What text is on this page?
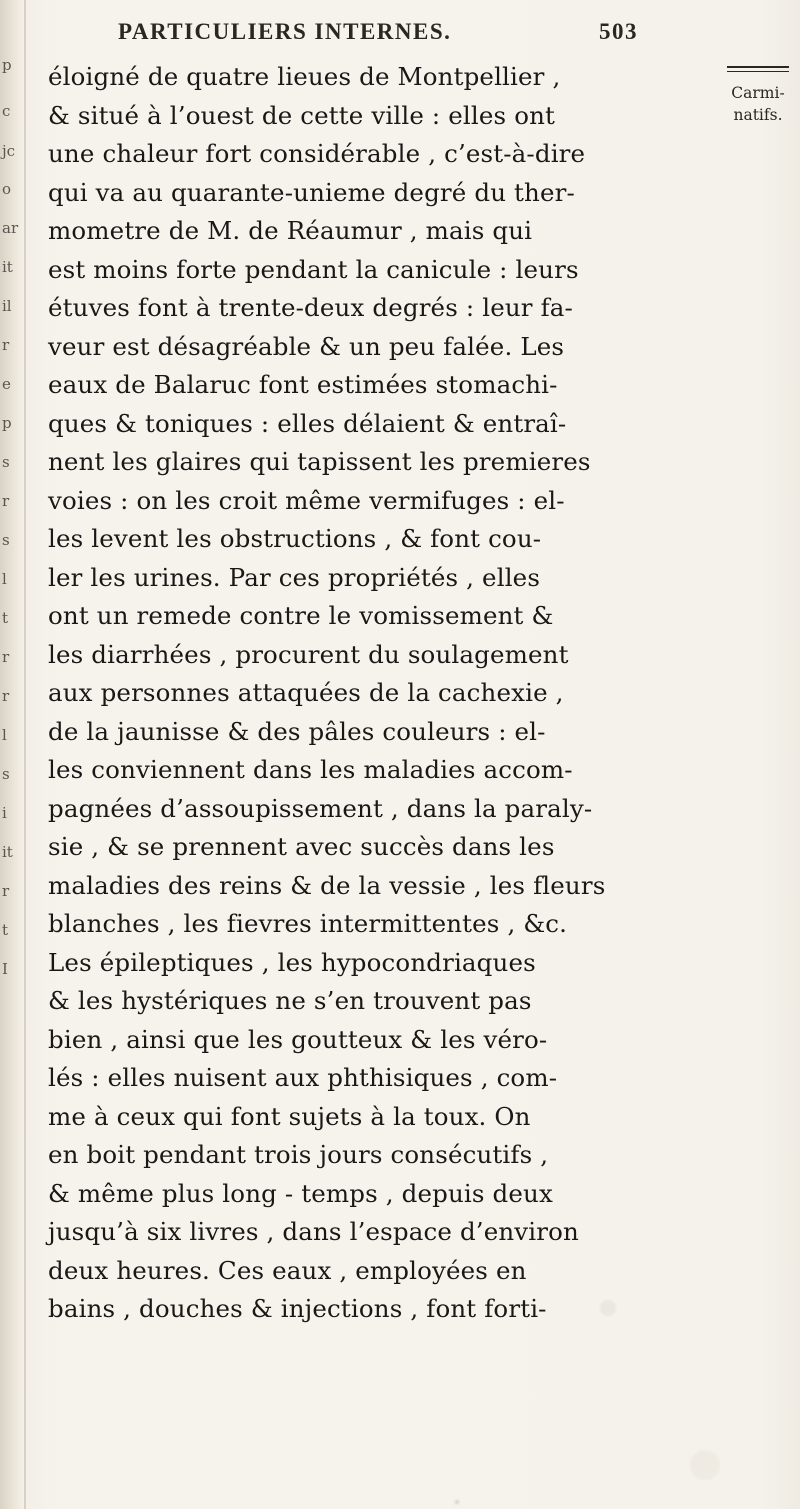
p
c
jc
o
ar
it
il
r
e
p
s
r
s
l
t
r
r
l
s
i
it
r
t
I
PARTICULIERS INTERNES.	503
éloigné de quatre lieues de Montpellier ,
& situé à l’ouest de cette ville : elles ont
une chaleur fort considérable , c’est-à-dire
qui va au quarante-unieme degré du ther-
mometre de M. de Réaumur , mais qui
est moins forte pendant la canicule : leurs
étuves font à trente-deux degrés : leur fa-
veur est désagréable & un peu falée. Les
eaux de Balaruc font estimées stomachi-
ques & toniques : elles délaient & entraî-
nent les glaires qui tapissent les premieres
voies : on les croit même vermifuges : el-
les levent les obstructions , & font cou-
ler les urines. Par ces propriétés , elles
ont un remede contre le vomissement &
les diarrhées , procurent du soulagement
aux personnes attaquées de la cachexie ,
de la jaunisse & des pâles couleurs : el-
les conviennent dans les maladies accom-
pagnées d’assoupissement , dans la paraly-
sie , & se prennent avec succès dans les
maladies des reins & de la vessie , les fleurs
blanches , les fievres intermittentes , &c.
Les épileptiques , les hypocondriaques
& les hystériques ne s’en trouvent pas
bien , ainsi que les goutteux & les véro-
lés : elles nuisent aux phthisiques , com-
me à ceux qui font sujets à la toux. On
en boit pendant trois jours consécutifs ,
& même plus long - temps , depuis deux
jusqu’à six livres , dans l’espace d’environ
deux heures. Ces eaux , employées en
bains , douches & injections , font forti-
Carmi-
natifs.
